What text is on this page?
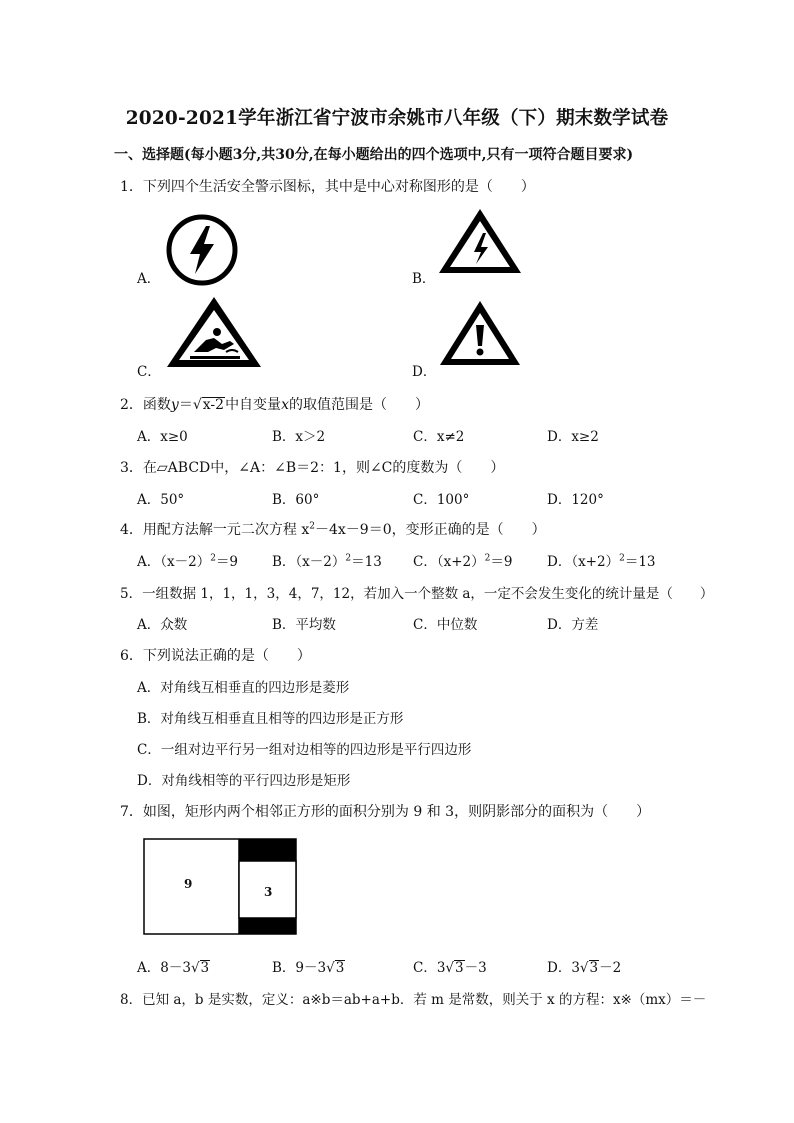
2020-2021学年浙江省宁波市余姚市八年级（下）期末数学试卷
一、选择题(每小题3分,共30分,在每小题给出的四个选项中,只有一项符合题目要求)
1．下列四个生活安全警示图标，其中是中心对称图形的是（　　）
A．	B．
C．	D．
2．函数y＝√x-2中自变量x的取值范围是（　　）
A．x≥0	B．x＞2	C．x≠2	D．x≥2
3．在▱ABCD中，∠A：∠B＝2：1，则∠C的度数为（　　）
A．50°	B．60°	C．100°	D．120°
4．用配方法解一元二次方程 $x^2-4x-9=0$，变形正确的是（　　）
A．$(x-2)^2=9$	B．$(x-2)^2=13$ C．$(x+2)^2=9$	D．$(x+2)^2=13$
5．一组数据 1，1，1，3，4，7，12，若加入一个整数 a，一定不会发生变化的统计量是（　　）
A．众数	B．平均数	C．中位数	D．方差
6．下列说法正确的是（　　）
A．对角线互相垂直的四边形是菱形
B．对角线互相垂直且相等的四边形是正方形
C．一组对边平行另一组对边相等的四边形是平行四边形
D．对角线相等的平行四边形是矩形
7．如图，矩形内两个相邻正方形的面积分别为 9 和 3，则阴影部分的面积为（　　）
9
3
A．8－3√3	B．9－3√3	C．3√3－3	D．3√3－2
8．已知 a，b 是实数，定义：a※b＝ab+a+b．若 m 是常数，则关于 x 的方程：x※（mx）＝－
